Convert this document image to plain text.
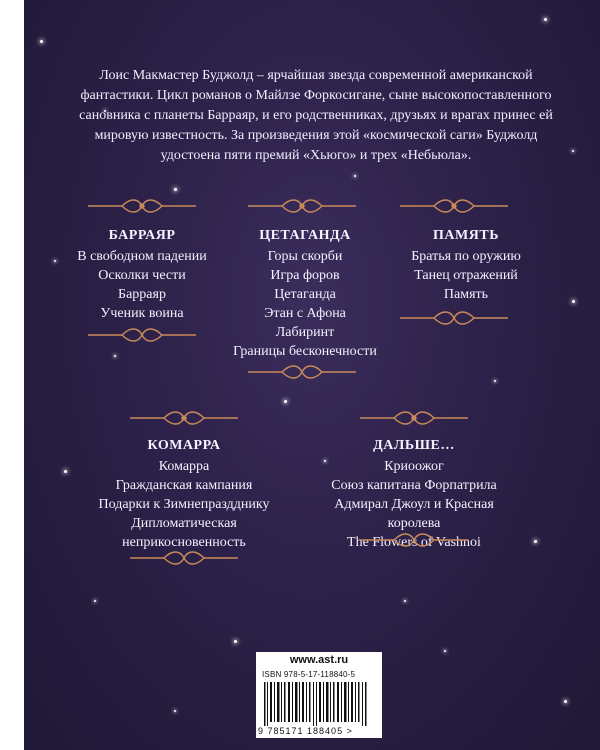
Лоис Макмастер Буджолд – ярчайшая звезда современной американской фантастики. Цикл романов о Майлзе Форкосигане, сыне высокопоставленного сановника с планеты Барраяр, и его родственниках, друзьях и врагах принес ей мировую известность. За произведения этой «космической саги» Буджолд удостоена пяти премий «Хьюго» и трех «Небьюла».
БАРРАЯР
В свободном падении
Осколки чести
Барраяр
Ученик воина
ЦЕТАГАНДА
Горы скорби
Игра форов
Цетаганда
Этан с Афона
Лабиринт
Границы бесконечности
ПАМЯТЬ
Братья по оружию
Танец отражений
Память
КОМАРРА
Комарра
Гражданская кампания
Подарки к Зимнепраздднику
Дипломатическая
неприкосновенность
ДАЛЬШЕ…
Криоожог
Союз капитана Форпатрила
Адмирал Джоул и Красная
королева
The Flowers of Vashnoi
www.ast.ru
ISBN 978-5-17-118840-5
9 785171 188405 >
